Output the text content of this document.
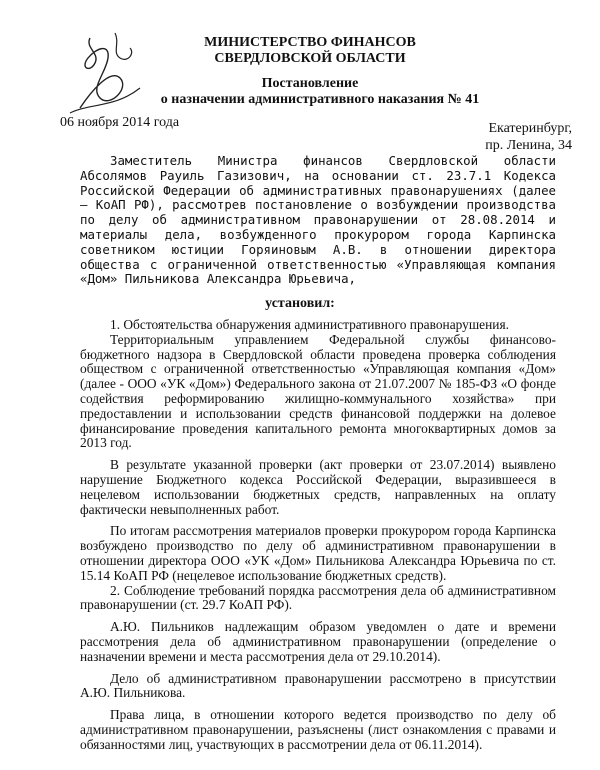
МИНИСТЕРСТВО ФИНАНСОВ
СВЕРДЛОВСКОЙ ОБЛАСТИ
Постановление
о назначении административного наказания № 41
06 ноября 2014 года	Екатеринбург,
пр. Ленина, 34

Заместитель Министра финансов Свердловской области Абсолямов Рауиль Газизович, на основании ст. 23.7.1 Кодекса Российской Федерации об административных правонарушениях (далее – КоАП РФ), рассмотрев постановление о возбуждении производства по делу об административном правонарушении от 28.08.2014 и материалы дела, возбужденного прокурором города Карпинска советником юстиции Горяиновым А.В. в отношении директора общества с ограниченной ответственностью «Управляющая компания «Дом» Пильникова Александра Юрьевича,

установил:

1. Обстоятельства обнаружения административного правонарушения.

Территориальным управлением Федеральной службы финансово-бюджетного надзора в Свердловской области проведена проверка соблюдения обществом с ограниченной ответственностью «Управляющая компания «Дом» (далее - ООО «УК «Дом») Федерального закона от 21.07.2007 № 185-ФЗ «О фонде содействия реформированию жилищно-коммунального хозяйства» при предоставлении и использовании средств финансовой поддержки на долевое финансирование проведения капитального ремонта многоквартирных домов за 2013 год.

В результате указанной проверки (акт проверки от 23.07.2014) выявлено нарушение Бюджетного кодекса Российской Федерации, выразившееся в нецелевом использовании бюджетных средств, направленных на оплату фактически невыполненных работ.

По итогам рассмотрения материалов проверки прокурором города Карпинска возбуждено производство по делу об административном правонарушении в отношении директора ООО «УК «Дом» Пильникова Александра Юрьевича по ст. 15.14 КоАП РФ (нецелевое использование бюджетных средств).

2. Соблюдение требований порядка рассмотрения дела об административном правонарушении (ст. 29.7 КоАП РФ).

А.Ю. Пильников надлежащим образом уведомлен о дате и времени рассмотрения дела об административном правонарушении (определение о назначении времени и места рассмотрения дела от 29.10.2014).

Дело об административном правонарушении рассмотрено в присутствии А.Ю. Пильникова.

Права лица, в отношении которого ведется производство по делу об административном правонарушении, разъяснены (лист ознакомления с правами и обязанностями лиц, участвующих в рассмотрении дела от 06.11.2014).
